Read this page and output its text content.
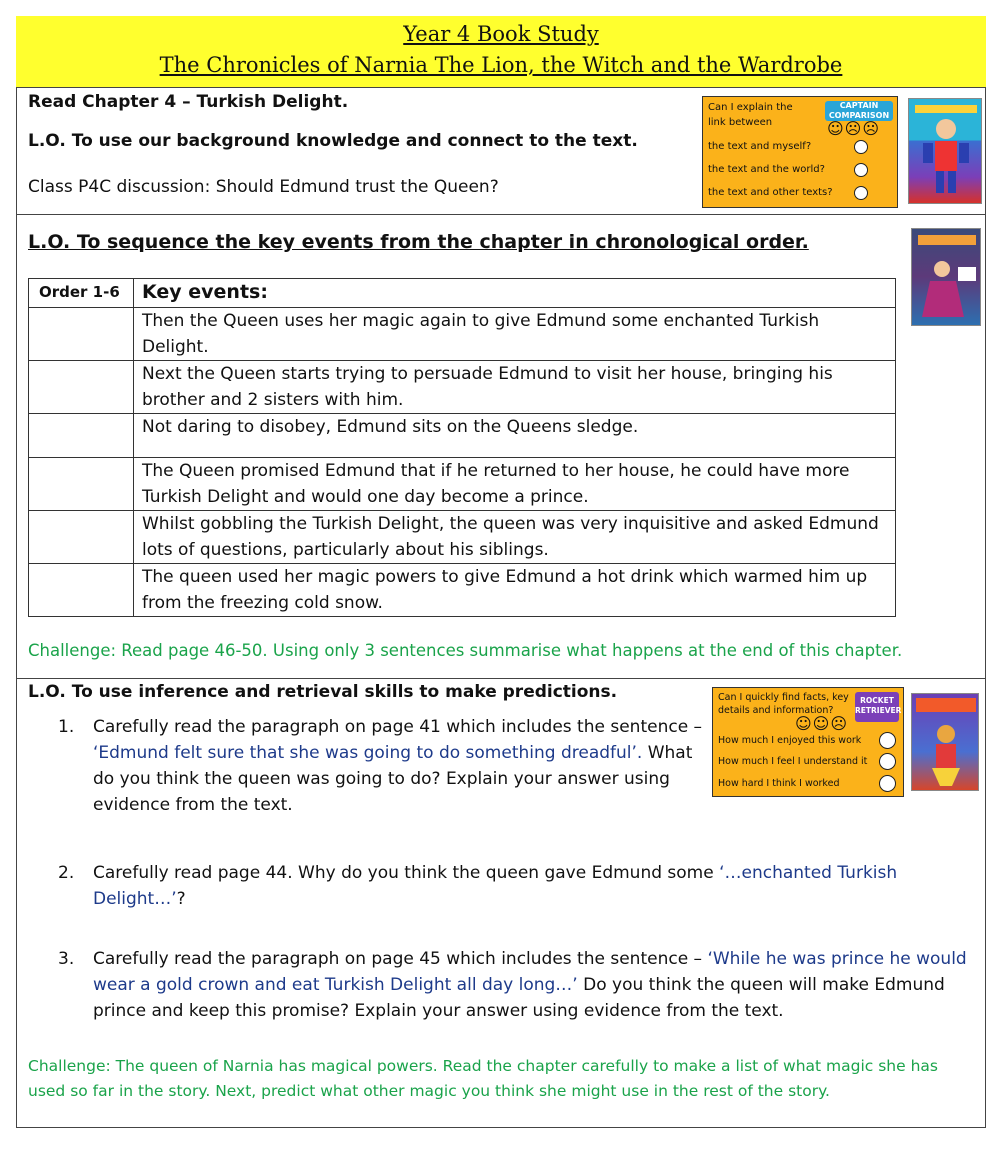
Year 4 Book Study
The Chronicles of Narnia The Lion, the Witch and the Wardrobe
Read Chapter 4 – Turkish Delight.
L.O. To use our background knowledge and connect to the text.
Class P4C discussion: Should Edmund trust the Queen?
Can I explain the
link between
CAPTAIN COMPARISON
☺☹☹
the text and myself?
the text and the world?
the text and other texts?
L.O. To sequence the key events from the chapter in chronological order.
Order 1-6	Key events:
	Then the Queen uses her magic again to give Edmund some enchanted Turkish Delight.
	Next the Queen starts trying to persuade Edmund to visit her house, bringing his brother and 2 sisters with him.
	Not daring to disobey, Edmund sits on the Queens sledge.
	The Queen promised Edmund that if he returned to her house, he could have more Turkish Delight and would one day become a prince.
	Whilst gobbling the Turkish Delight, the queen was very inquisitive and asked Edmund lots of questions, particularly about his siblings.
	The queen used her magic powers to give Edmund a hot drink which warmed him up from the freezing cold snow.
Challenge: Read page 46-50. Using only 3 sentences summarise what happens at the end of this chapter.
L.O. To use inference and retrieval skills to make predictions.	Can I quickly find facts, key
details and information?
ROCKET RETRIEVER
☺☺☹
How much I enjoyed this work
How much I feel I understand it
How hard I think I worked
1. Carefully read the paragraph on page 41 which includes the sentence – ‘Edmund felt sure that she was going to do something dreadful’. What do you think the queen was going to do? Explain your answer using evidence from the text.
2. Carefully read page 44. Why do you think the queen gave Edmund some ‘…enchanted Turkish Delight…’?
3. Carefully read the paragraph on page 45 which includes the sentence – ‘While he was prince he would wear a gold crown and eat Turkish Delight all day long…’ Do you think the queen will make Edmund prince and keep this promise? Explain your answer using evidence from the text.
Challenge: The queen of Narnia has magical powers. Read the chapter carefully to make a list of what magic she has used so far in the story. Next, predict what other magic you think she might use in the rest of the story.
